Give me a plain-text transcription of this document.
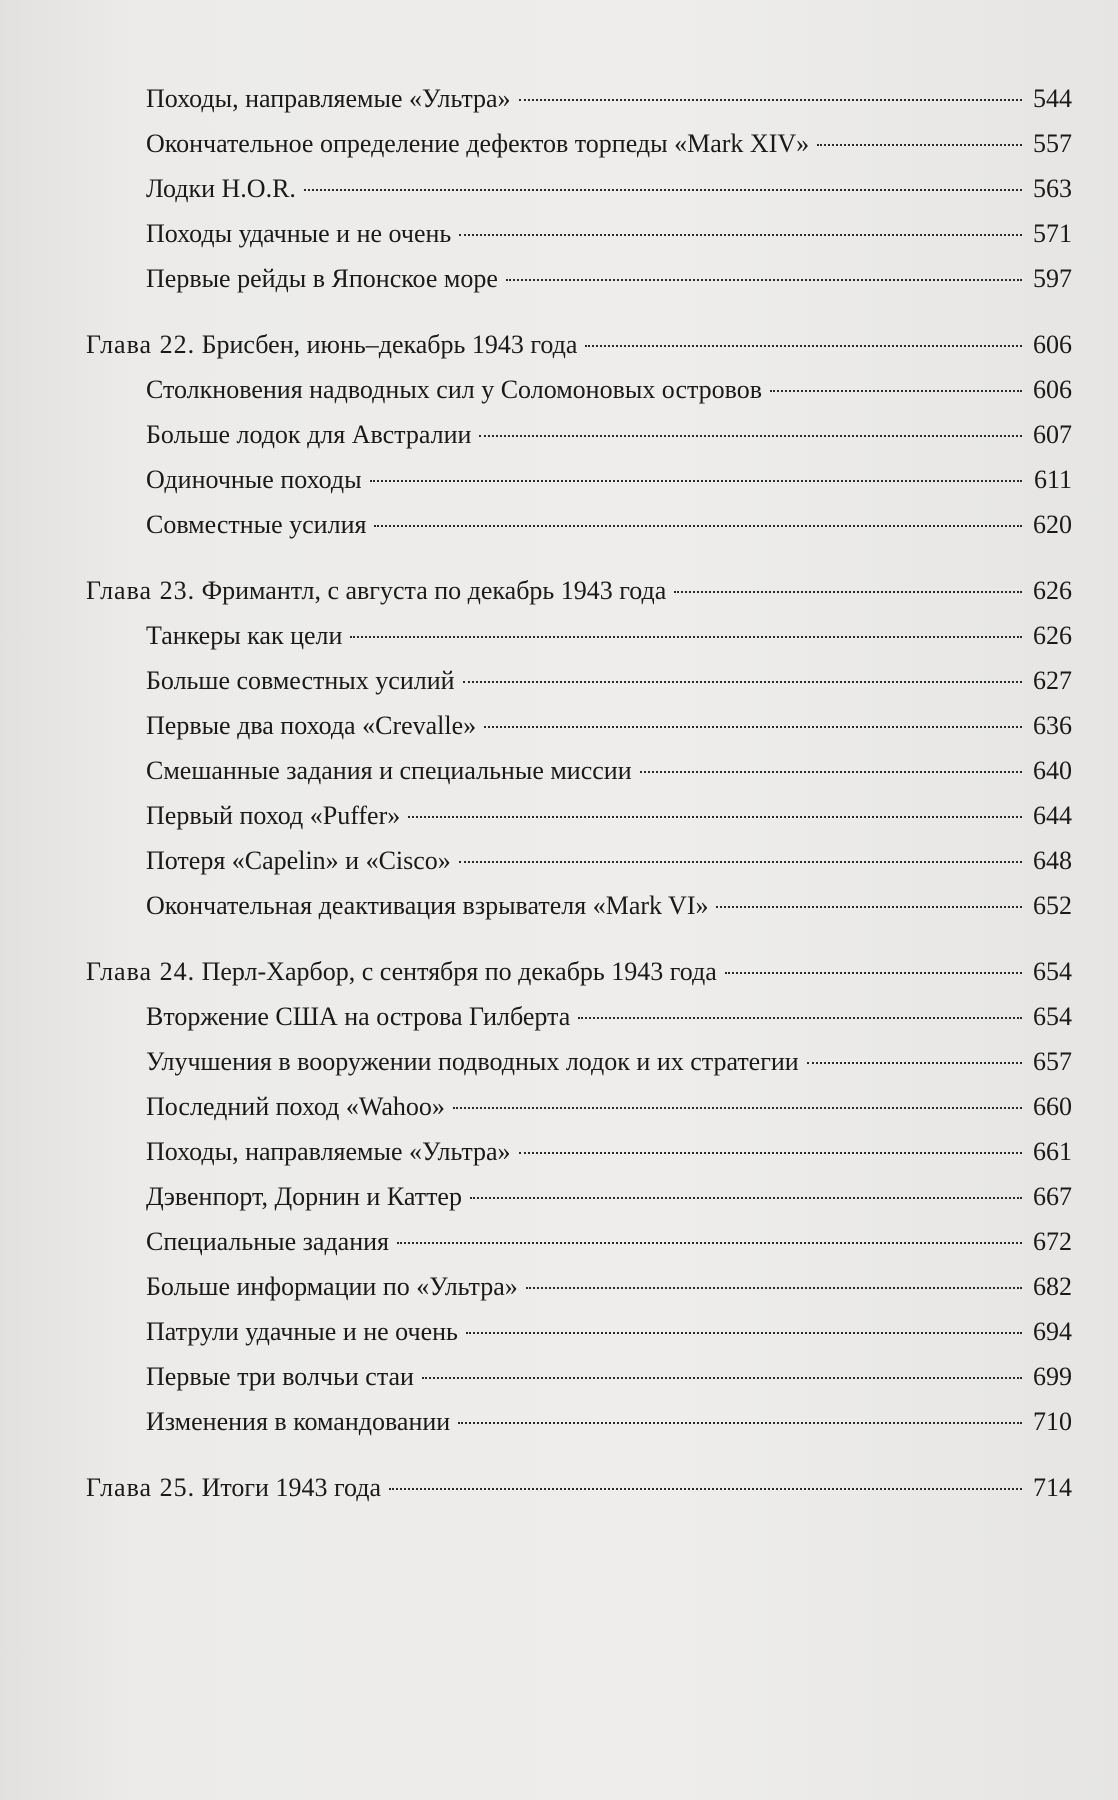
Походы, направляемые «Ультра»	544
Окончательное определение дефектов торпеды «Mark XIV»	557
Лодки H.O.R.	563
Походы удачные и не очень	571
Первые рейды в Японское море	597
Глава 22. Брисбен, июнь–декабрь 1943 года	606
Столкновения надводных сил у Соломоновых островов	606
Больше лодок для Австралии	607
Одиночные походы	611
Совместные усилия	620
Глава 23. Фримантл, с августа по декабрь 1943 года	626
Танкеры как цели	626
Больше совместных усилий	627
Первые два похода «Crevalle»	636
Смешанные задания и специальные миссии	640
Первый поход «Puffer»	644
Потеря «Capelin» и «Cisco»	648
Окончательная деактивация взрывателя «Mark VI»	652
Глава 24. Перл-Харбор, с сентября по декабрь 1943 года	654
Вторжение США на острова Гилберта	654
Улучшения в вооружении подводных лодок и их стратегии	657
Последний поход «Wahoo»	660
Походы, направляемые «Ультра»	661
Дэвенпорт, Дорнин и Каттер	667
Специальные задания	672
Больше информации по «Ультра»	682
Патрули удачные и не очень	694
Первые три волчьи стаи	699
Изменения в командовании	710
Глава 25. Итоги 1943 года	714
